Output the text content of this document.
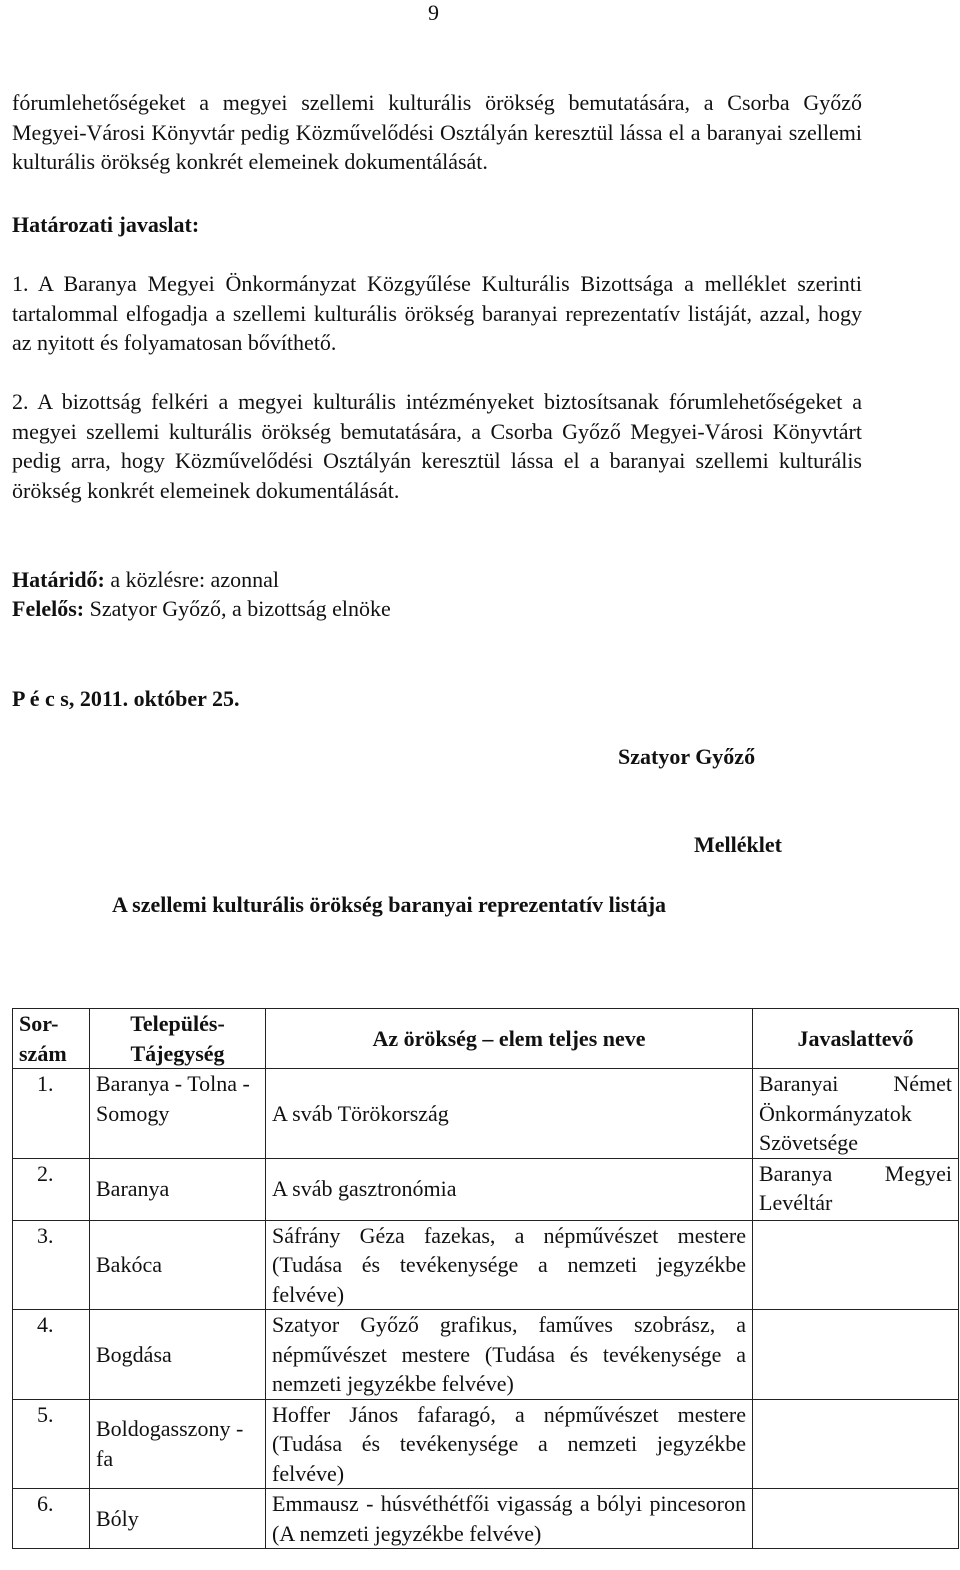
9

fórumlehetőségeket a megyei szellemi kulturális örökség bemutatására, a Csorba Győző Megyei-Városi Könyvtár pedig Közművelődési Osztályán keresztül lássa el a baranyai szellemi kulturális örökség konkrét elemeinek dokumentálását.

Határozati javaslat:

1. A Baranya Megyei Önkormányzat Közgyűlése Kulturális Bizottsága a melléklet szerinti tartalommal elfogadja a szellemi kulturális örökség baranyai reprezentatív listáját, azzal, hogy az nyitott és folyamatosan bővíthető.

2. A bizottság felkéri a megyei kulturális intézményeket biztosítsanak fórumlehetőségeket a megyei szellemi kulturális örökség bemutatására, a Csorba Győző Megyei-Városi Könyvtárt pedig arra, hogy Közművelődési Osztályán keresztül lássa el a baranyai szellemi kulturális örökség konkrét elemeinek dokumentálását.

Határidő: a közlésre: azonnal

Felelős: Szatyor Győző, a bizottság elnöke

P é c s, 2011. október 25.

Szatyor Győző
Melléklet
A szellemi kulturális örökség baranyai reprezentatív listája
Sor-szám	Település-Tájegység	Az örökség – elem teljes neve	Javaslattevő
1.	Baranya - Tolna - Somogy	A sváb Törökország	Baranyai Német Önkormányzatok Szövetsége
2.	Baranya	A sváb gasztronómia	Baranya Megyei Levéltár
3.	Bakóca	Sáfrány Géza fazekas, a népművészet mestere (Tudása és tevékenysége a nemzeti jegyzékbe felvéve)	
4.	Bogdása	Szatyor Győző grafikus, faműves szobrász, a népművészet mestere (Tudása és tevékenysége a nemzeti jegyzékbe felvéve)	
5.	Boldogasszony -fa	Hoffer János fafaragó, a népművészet mestere (Tudása és tevékenysége a nemzeti jegyzékbe felvéve)	
6.	Bóly	Emmausz - húsvéthétfői vigasság a bólyi pincesoron (A nemzeti jegyzékbe felvéve)	
